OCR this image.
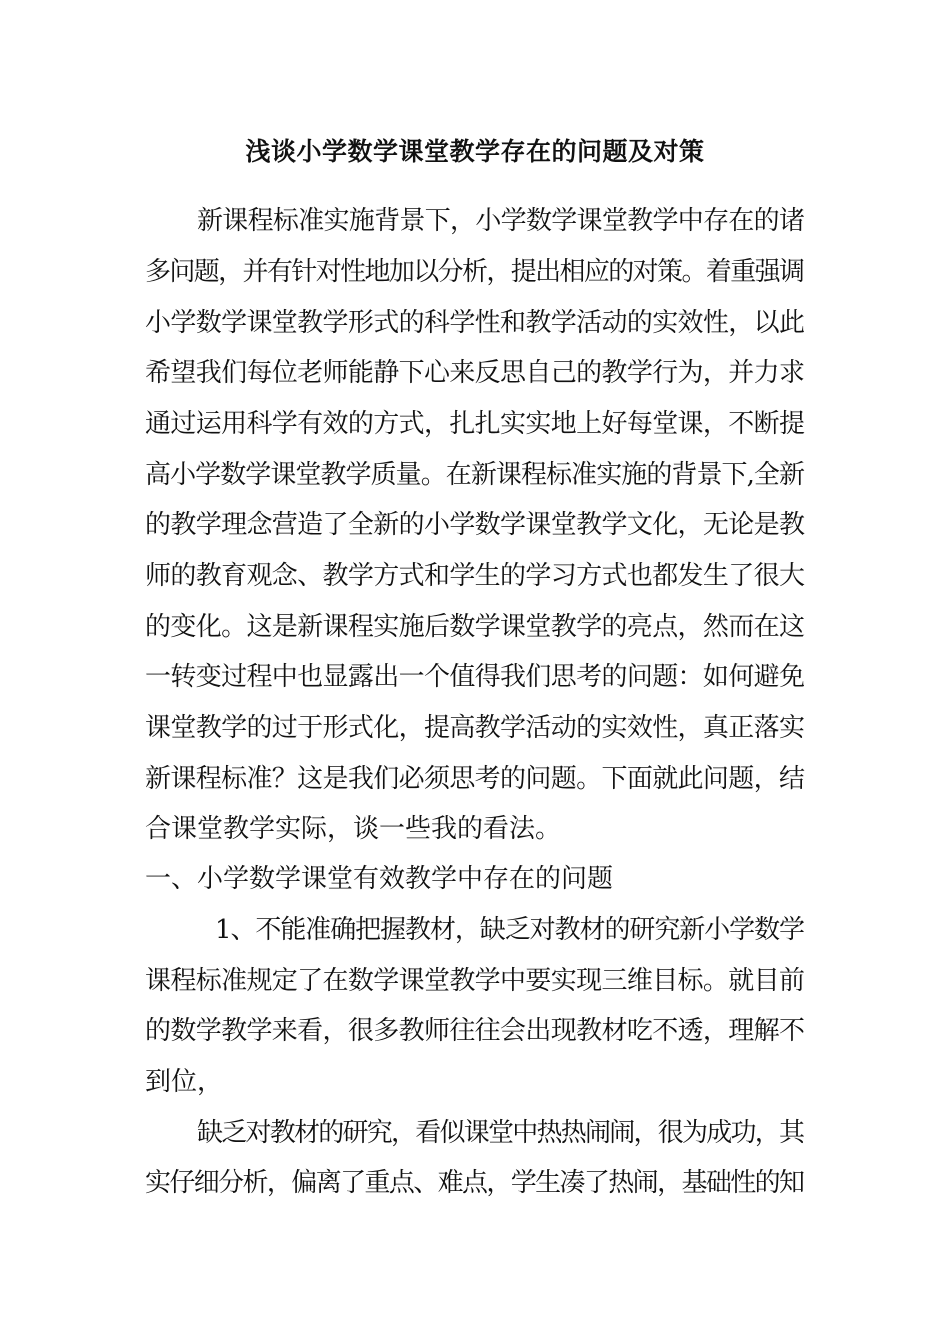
浅谈小学数学课堂教学存在的问题及对策
新课程标准实施背景下，小学数学课堂教学中存在的诸
多问题，并有针对性地加以分析，提出相应的对策。着重强调
小学数学课堂教学形式的科学性和教学活动的实效性，以此
希望我们每位老师能静下心来反思自己的教学行为，并力求
通过运用科学有效的方式，扎扎实实地上好每堂课，不断提
高小学数学课堂教学质量。在新课程标准实施的背景下,全新
的教学理念营造了全新的小学数学课堂教学文化，无论是教
师的教育观念、教学方式和学生的学习方式也都发生了很大
的变化。这是新课程实施后数学课堂教学的亮点，然而在这
一转变过程中也显露出一个值得我们思考的问题：如何避免
课堂教学的过于形式化，提高教学活动的实效性，真正落实
新课程标准？这是我们必须思考的问题。下面就此问题，结
合课堂教学实际，谈一些我的看法。
一、小学数学课堂有效教学中存在的问题
1、不能准确把握教材，缺乏对教材的研究新小学数学
课程标准规定了在数学课堂教学中要实现三维目标。就目前
的数学教学来看，很多教师往往会出现教材吃不透，理解不
到位，
缺乏对教材的研究，看似课堂中热热闹闹，很为成功，其
实仔细分析，偏离了重点、难点，学生凑了热闹，基础性的知
